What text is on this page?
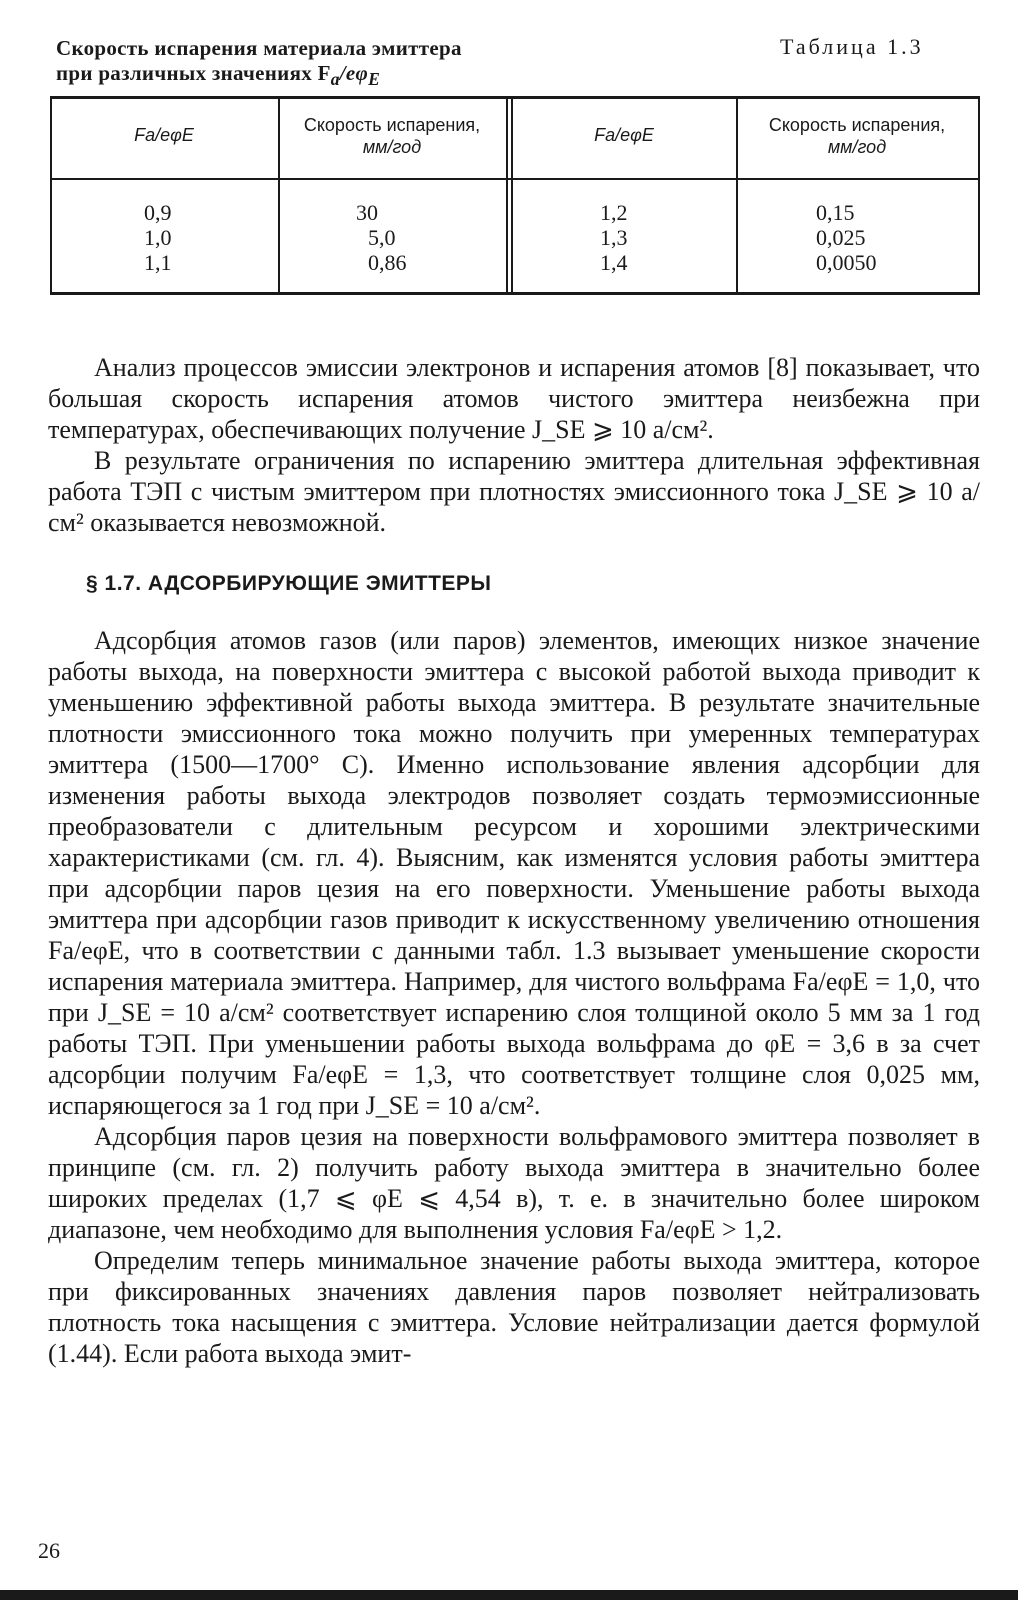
Скорость испарения материала эмиттера
при различных значениях $F_a/e\varphi_E$
Таблица 1.3
Fa/eφE	Скорость испарения,
мм/год
Fa/eφE	Скорость испарения,
мм/год
0,9
1,0
1,1
30
5,0
0,86
1,2
1,3
1,4
0,15
0,025
0,0050

Анализ процессов эмиссии электронов и испарения атомов [8] показывает, что большая скорость испарения атомов чистого эмиттера неизбежна при температурах, обеспечивающих получение J_SE ⩾ 10 а/см².

В результате ограничения по испарению эмиттера длительная эффективная работа ТЭП с чистым эмиттером при плотностях эмиссионного тока J_SE ⩾ 10 а/см² оказывается невозможной.

§ 1.7. АДСОРБИРУЮЩИЕ ЭМИТТЕРЫ

Адсорбция атомов газов (или паров) элементов, имеющих низкое значение работы выхода, на поверхности эмиттера с высокой работой выхода приводит к уменьшению эффективной работы выхода эмиттера. В результате значительные плотности эмиссионного тока можно получить при умеренных температурах эмиттера (1500—1700° С). Именно использование явления адсорбции для изменения работы выхода электродов позволяет создать термоэмиссионные преобразователи с длительным ресурсом и хорошими электрическими характеристиками (см. гл. 4). Выясним, как изменятся условия работы эмиттера при адсорбции паров цезия на его поверхности. Уменьшение работы выхода эмиттера при адсорбции газов приводит к искусственному увеличению отношения Fa/eφE, что в соответствии с данными табл. 1.3 вызывает уменьшение скорости испарения материала эмиттера. Например, для чистого вольфрама Fa/eφE = 1,0, что при J_SE = 10 а/см² соответствует испарению слоя толщиной около 5 мм за 1 год работы ТЭП. При уменьшении работы выхода вольфрама до φE = 3,6 в за счет адсорбции получим Fa/eφE = 1,3, что соответствует толщине слоя 0,025 мм, испаряющегося за 1 год при J_SE = 10 а/см².

Адсорбция паров цезия на поверхности вольфрамового эмиттера позволяет в принципе (см. гл. 2) получить работу выхода эмиттера в значительно более широких пределах (1,7 ⩽ φE ⩽ 4,54 в), т. е. в значительно более широком диапазоне, чем необходимо для выполнения условия Fa/eφE > 1,2.

Определим теперь минимальное значение работы выхода эмиттера, которое при фиксированных значениях давления паров позволяет нейтрализовать плотность тока насыщения с эмиттера. Условие нейтрализации дается формулой (1.44). Если работа выхода эмит-

26
